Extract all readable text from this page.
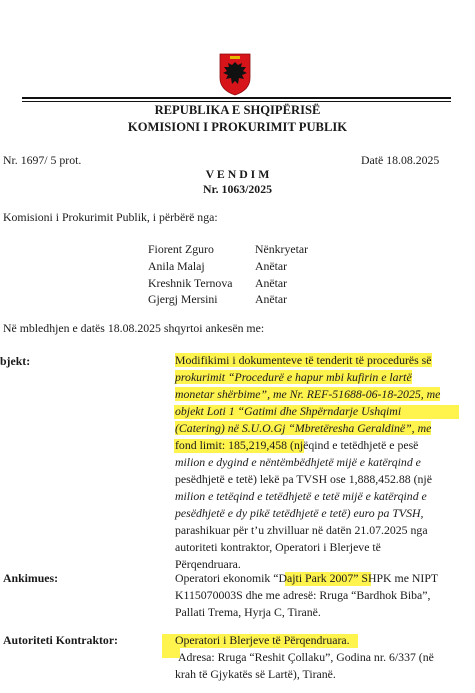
REPUBLIKA E SHQIPËRISË
KOMISIONI I PROKURIMIT PUBLIK
Nr. 1697/ 5 prot.	Datë 18.08.2025
V E N D I M
Nr. 1063/2025
Komisioni i Prokurimit Publik, i përbërë nga:
Fiorent Zguro	Nënkryetar
Anila Malaj	Anëtar
Kreshnik Ternova Anëtar
Gjergj Mersini	Anëtar
Në mbledhjen e datës 18.08.2025 shqyrtoi ankesën me:
bjekt:	Modifikimi i dokumenteve të tenderit të procedurës së
prokurimit “Procedurë e hapur mbi kufirin e lartë
monetar shërbime”, me Nr. REF-51688-06-18-2025, me
objekt Loti 1 “Gatimi dhe Shpërndarje Ushqimi
(Catering) në S.U.O.Gj “Mbretëresha Geraldinë”, me
fond limit: 185,219,458 (njëqind e tetëdhjetë e pesë
milion e dygind e nëntëmbëdhjetë mijë e katërqind e
pesëdhjetë e tetë) lekë pa TVSH ose 1,888,452.88 (një
milion e tetëqind e tetëdhjetë e tetë mijë e katërqind e
pesëdhjetë e dy pikë tetëdhjetë e tetë) euro pa TVSH,
parashikuar për t’u zhvilluar në datën 21.07.2025 nga
autoriteti kontraktor, Operatori i Blerjeve të
Përqendruara.
Ankimues:	Operatori ekonomik “Dajti Park 2007” SHPK me NIPT
K115070003S dhe me adresë: Rruga “Bardhok Biba”,
Pallati Trema, Hyrja C, Tiranë.
Autoriteti Kontraktor:	Operatori i Blerjeve të Përqendruara.
Adresa: Rruga “Reshit Çollaku”, Godina nr. 6/337 (në
krah të Gjykatës së Lartë), Tiranë.
